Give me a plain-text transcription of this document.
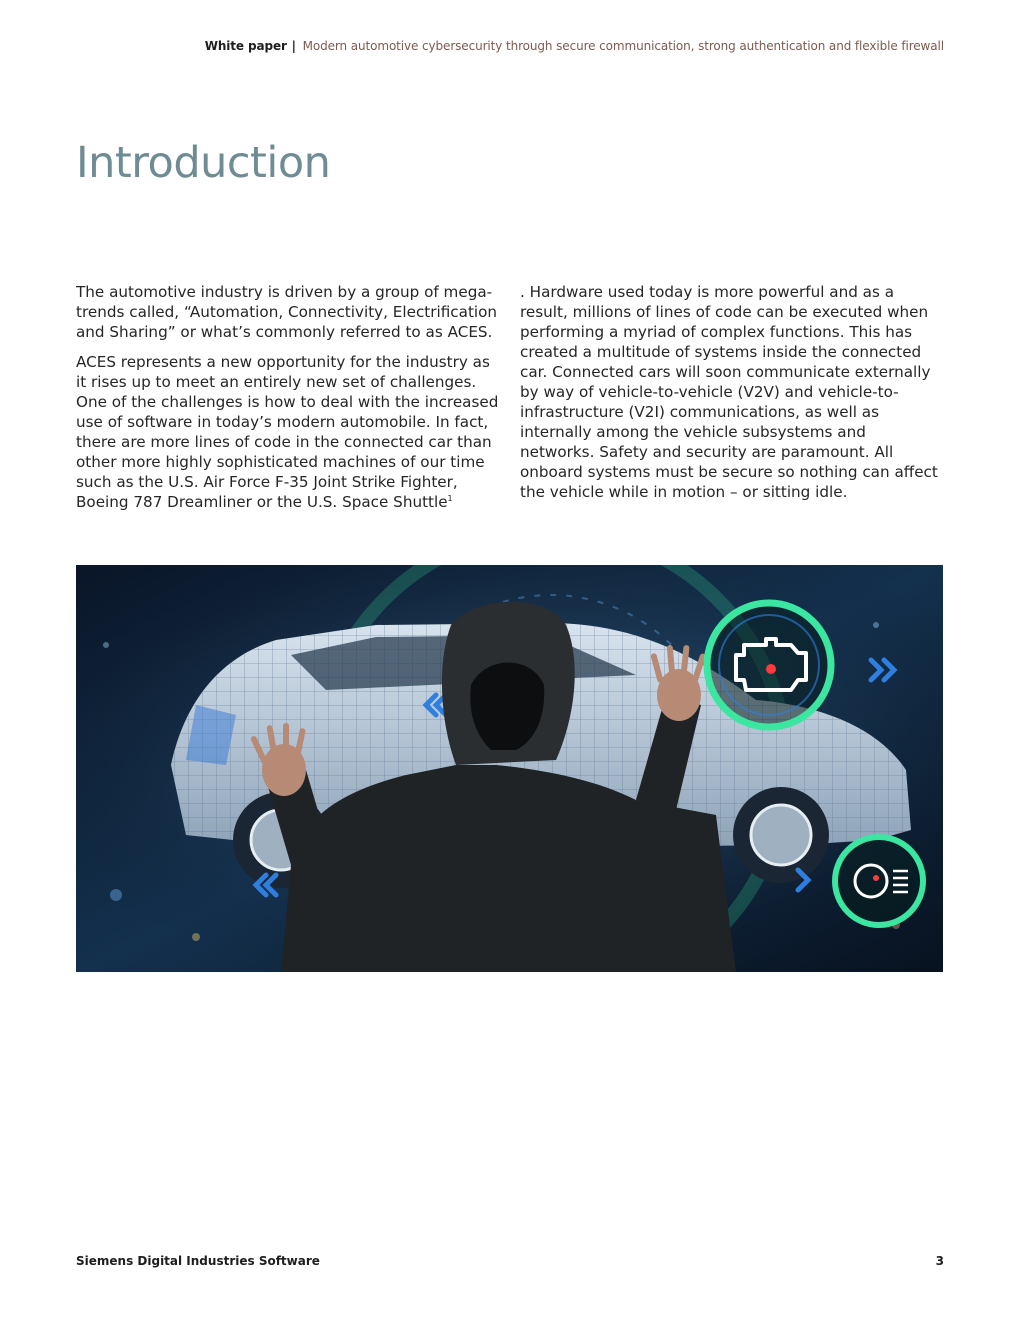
White paper | Modern automotive cybersecurity through secure communication, strong authentication and flexible firewall
Introduction

The automotive industry is driven by a group of mega-trends called, “Automation, Connectivity, Electrification and Sharing” or what’s commonly referred to as ACES.

ACES represents a new opportunity for the industry as it rises up to meet an entirely new set of challenges. One of the challenges is how to deal with the increased use of software in today’s modern automobile. In fact, there are more lines of code in the connected car than other more highly sophisticated machines of our time such as the U.S. Air Force F-35 Joint Strike Fighter, Boeing 787 Dreamliner or the U.S. Space Shuttle$^1$

. Hardware used today is more powerful and as a result, millions of lines of code can be executed when performing a myriad of complex functions. This has created a multitude of systems inside the connected car. Connected cars will soon communicate externally by way of vehicle-to-vehicle (V2V) and vehicle-to-infrastructure (V2I) communications, as well as internally among the vehicle subsystems and networks. Safety and security are paramount. All onboard systems must be secure so nothing can affect the vehicle while in motion – or sitting idle.

Siemens Digital Industries Software	3
